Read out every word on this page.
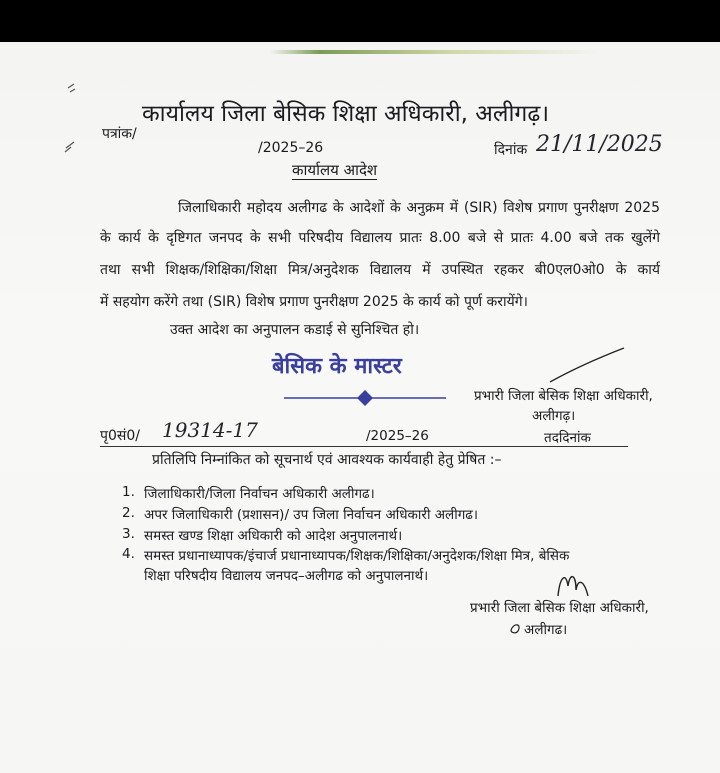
कार्यालय जिला बेसिक शिक्षा अधिकारी, अलीगढ़।
पत्रांक/
/2025–26	दिनांक 21/11/2025
कार्यालय आदेश
जिलाधिकारी महोदय अलीगढ के आदेशों के अनुक्रम में (SIR) विशेष प्रगाण पुनरीक्षण 2025
के कार्य के दृष्टिगत जनपद के सभी परिषदीय विद्यालय प्रातः 8.00 बजे से प्रातः 4.00 बजे तक खुलेंगे
तथा सभी शिक्षक/शिक्षिका/शिक्षा मित्र/अनुदेशक विद्यालय में उपस्थित रहकर बी0एल0ओ0 के कार्य
में सहयोग करेंगे तथा (SIR) विशेष प्रगाण पुनरीक्षण 2025 के कार्य को पूर्ण करायेंगे।
उक्त आदेश का अनुपालन कडाई से सुनिश्चित हो।
बेसिक के मास्टर
प्रभारी जिला बेसिक शिक्षा अधिकारी,
अलीगढ़।
पृ0सं0/ 19314-17	/2025–26	तददिनांक
प्रतिलिपि निम्नांकित को सूचनार्थ एवं आवश्यक कार्यवाही हेतु प्रेषित :–
1. जिलाधिकारी/जिला निर्वाचन अधिकारी अलीगढ।
2. अपर जिलाधिकारी (प्रशासन)/ उप जिला निर्वाचन अधिकारी अलीगढ।
3. समस्त खण्ड शिक्षा अधिकारी को आदेश अनुपालनार्थ।
4. समस्त प्रधानाध्यापक/इंचार्ज प्रधानाध्यापक/शिक्षक/शिक्षिका/अनुदेशक/शिक्षा मित्र, बेसिक
शिक्षा परिषदीय विद्यालय जनपद–अलीगढ को अनुपालनार्थ।
प्रभारी जिला बेसिक शिक्षा अधिकारी,
अलीगढ।
